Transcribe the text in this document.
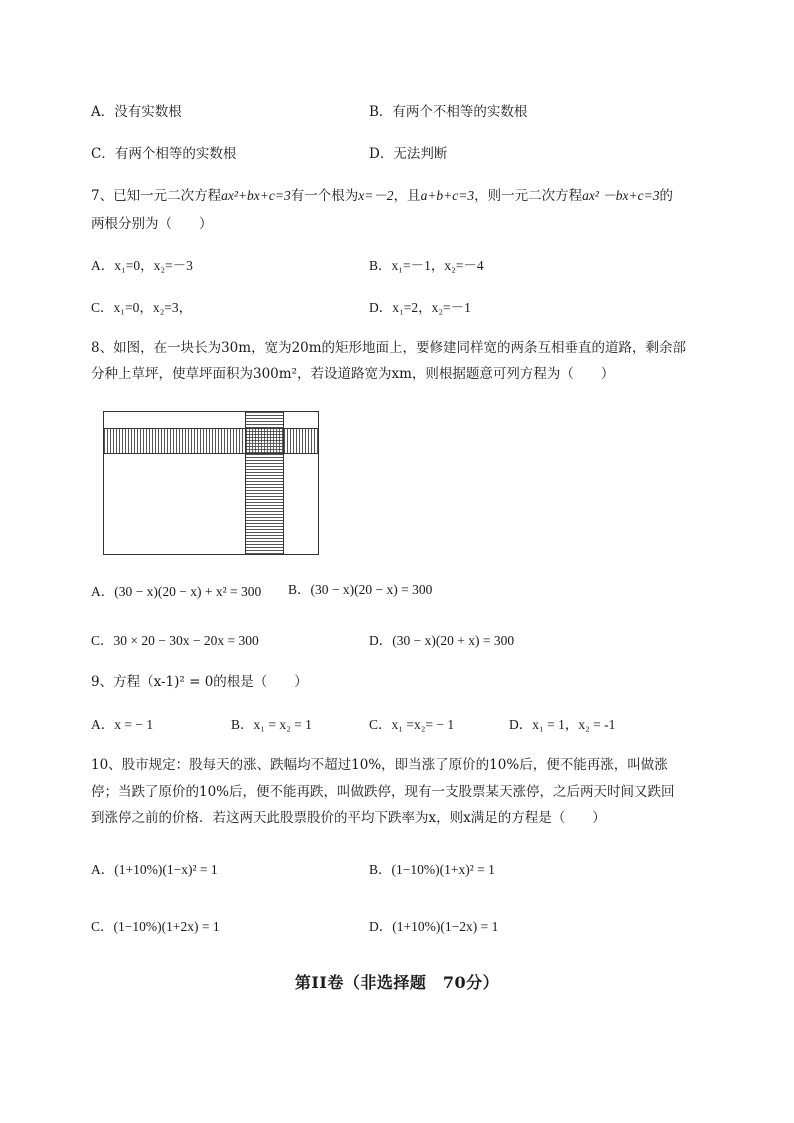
A．没有实数根	B．有两个不相等的实数根
C．有两个相等的实数根	D．无法判断
7、已知一元二次方程ax²+bx+c=3有一个根为x=－2，且a+b+c=3，则一元二次方程ax² －bx+c=3的
两根分别为（　　）
A．x₁=0，x₂=－3	B．x₁=－1，x₂=－4
C．x₁=0，x₂=3，	D．x₁=2，x₂=－1
8、如图，在一块长为30m，宽为20m的矩形地面上，要修建同样宽的两条互相垂直的道路，剩余部
分种上草坪，使草坪面积为300m²，若设道路宽为xm，则根据题意可列方程为（　　）
A．(30 − x)(20 − x) + x² = 300 B．(30 − x)(20 − x) = 300
C．30 × 20 − 30x − 20x = 300	D．(30 − x)(20 + x) = 300
9、方程（x-1)² = 0的根是（　　）
A．x = − 1	B．x₁ = x₂ = 1	C．x₁ =x₂= − 1	D．x₁ = 1，x₂ = -1
10、股市规定：股每天的涨、跌幅均不超过10%，即当涨了原价的10%后，便不能再涨，叫做涨
停；当跌了原价的10%后，便不能再跌，叫做跌停，现有一支股票某天涨停，之后两天时间又跌回
到涨停之前的价格．若这两天此股票股价的平均下跌率为x，则x满足的方程是（　　）
A．(1+10%)(1−x)² = 1	B．(1−10%)(1+x)² = 1
C．(1−10%)(1+2x) = 1	D．(1+10%)(1−2x) = 1
第II卷（非选择题　70分）
